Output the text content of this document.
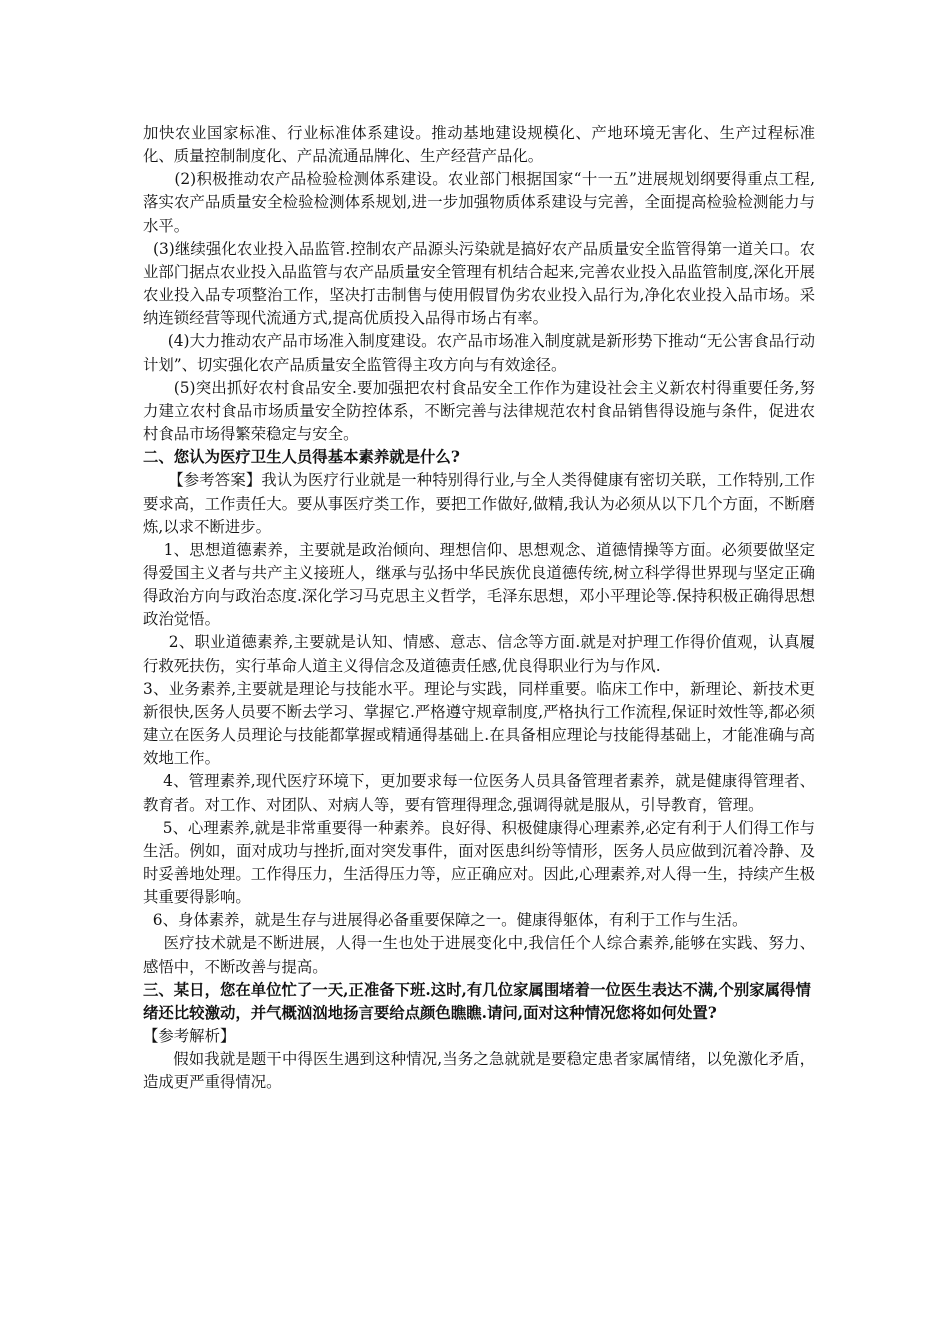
加快农业国家标准、行业标准体系建设。推动基地建设规模化、产地环境无害化、生产过程标准化、质量控制制度化、产品流通品牌化、生产经营产品化。

(2)积极推动农产品检验检测体系建设。农业部门根据国家“十一五”进展规划纲要得重点工程,落实农产品质量安全检验检测体系规划,进一步加强物质体系建设与完善，全面提高检验检测能力与水平。

(3)继续强化农业投入品监管.控制农产品源头污染就是搞好农产品质量安全监管得第一道关口。农业部门据点农业投入品监管与农产品质量安全管理有机结合起来,完善农业投入品监管制度,深化开展农业投入品专项整治工作，坚决打击制售与使用假冒伪劣农业投入品行为,净化农业投入品市场。采纳连锁经营等现代流通方式,提高优质投入品得市场占有率。

(4)大力推动农产品市场准入制度建设。农产品市场准入制度就是新形势下推动“无公害食品行动计划”、切实强化农产品质量安全监管得主攻方向与有效途径。

(5)突出抓好农村食品安全.要加强把农村食品安全工作作为建设社会主义新农村得重要任务,努力建立农村食品市场质量安全防控体系，不断完善与法律规范农村食品销售得设施与条件，促进农村食品市场得繁荣稳定与安全。

二、您认为医疗卫生人员得基本素养就是什么?

【参考答案】我认为医疗行业就是一种特别得行业,与全人类得健康有密切关联，工作特别,工作要求高，工作责任大。要从事医疗类工作，要把工作做好,做精,我认为必须从以下几个方面，不断磨炼,以求不断进步。

1、思想道德素养，主要就是政治倾向、理想信仰、思想观念、道德情操等方面。必须要做坚定得爱国主义者与共产主义接班人，继承与弘扬中华民族优良道德传统,树立科学得世界现与坚定正确得政治方向与政治态度.深化学习马克思主义哲学，毛泽东思想，邓小平理论等.保持积极正确得思想政治觉悟。

2、职业道德素养,主要就是认知、情感、意志、信念等方面.就是对护理工作得价值观，认真履行救死扶伤，实行革命人道主义得信念及道德责任感,优良得职业行为与作风.

3、业务素养,主要就是理论与技能水平。理论与实践，同样重要。临床工作中，新理论、新技术更新很快,医务人员要不断去学习、掌握它.严格遵守规章制度,严格执行工作流程,保证时效性等,都必须建立在医务人员理论与技能都掌握或精通得基础上.在具备相应理论与技能得基础上，才能准确与高效地工作。

4、管理素养,现代医疗环境下，更加要求每一位医务人员具备管理者素养，就是健康得管理者、教育者。对工作、对团队、对病人等，要有管理得理念,强调得就是服从，引导教育，管理。

5、心理素养,就是非常重要得一种素养。良好得、积极健康得心理素养,必定有利于人们得工作与生活。例如，面对成功与挫折,面对突发事件，面对医患纠纷等情形，医务人员应做到沉着冷静、及时妥善地处理。工作得压力，生活得压力等，应正确应对。因此,心理素养,对人得一生，持续产生极其重要得影响。

6、身体素养，就是生存与进展得必备重要保障之一。健康得躯体，有利于工作与生活。

医疗技术就是不断进展，人得一生也处于进展变化中,我信任个人综合素养,能够在实践、努力、感悟中，不断改善与提高。

三、某日，您在单位忙了一天,正准备下班.这时,有几位家属围堵着一位医生表达不满,个别家属得情绪还比较激动，并气概汹汹地扬言要给点颜色瞧瞧.请问,面对这种情况您将如何处置?

【参考解析】

假如我就是题干中得医生遇到这种情况,当务之急就就是要稳定患者家属情绪，以免激化矛盾，造成更严重得情况。
